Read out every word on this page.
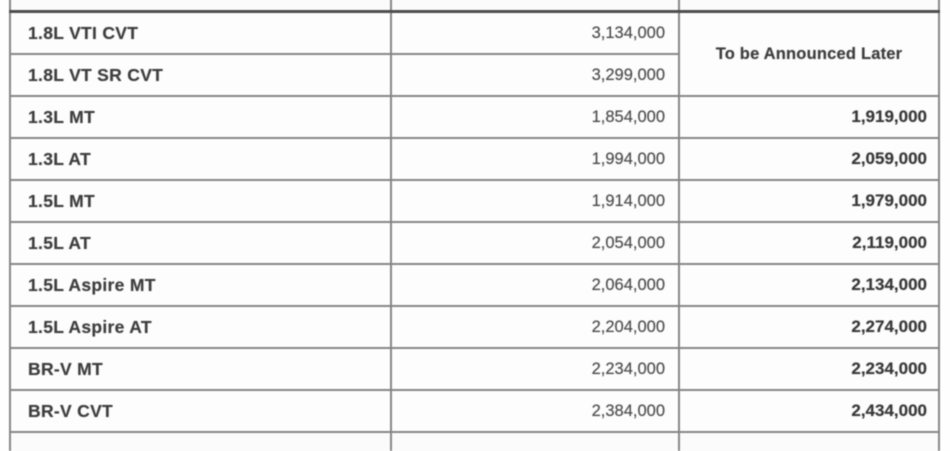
1.8L VTI CVT	3,134,000	To be Announced Later
1.8L VT SR CVT	3,299,000	
1.3L MT	1,854,000	1,919,000
1.3L AT	1,994,000	2,059,000
1.5L MT	1,914,000	1,979,000
1.5L AT	2,054,000	2,119,000
1.5L Aspire MT	2,064,000	2,134,000
1.5L Aspire AT	2,204,000	2,274,000
BR-V MT	2,234,000	2,234,000
BR-V CVT	2,384,000	2,434,000
